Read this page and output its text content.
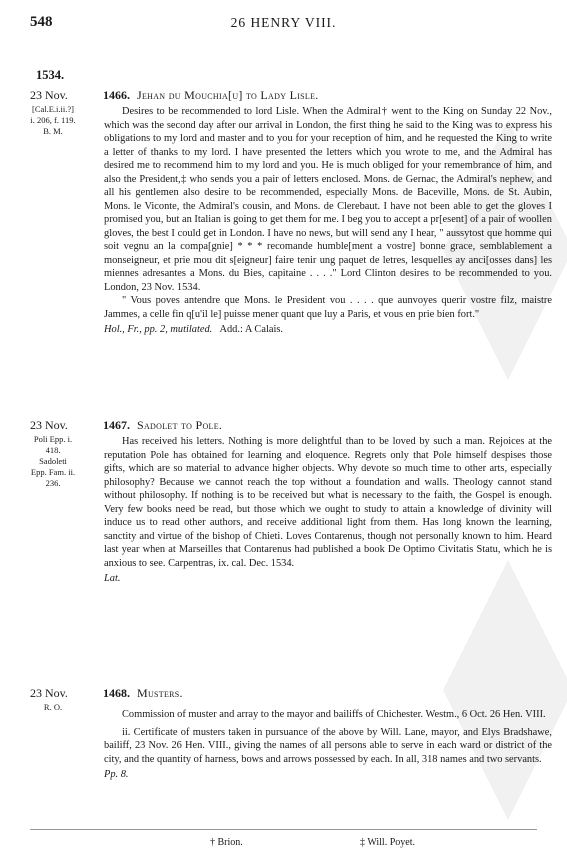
548	26 HENRY VIII.
1534.
23 Nov.
[Cal.E.i.ii.?]
i. 206, f. 119.
B. M.
1466. Jehan du Mouchia[u] to Lady Lisle.

Desires to be recommended to lord Lisle. When the Admiral† went to the King on Sunday 22 Nov., which was the second day after our arrival in London, the first thing he said to the King was to express his obligations to my lord and master and to you for your reception of him, and he requested the King to write a letter of thanks to my lord. I have presented the letters which you wrote to me, and the Admiral has desired me to recommend him to my lord and you. He is much obliged for your remembrance of him, and also the President,‡ who sends you a pair of letters enclosed. Mons. de Gernac, the Admiral's nephew, and all his gentlemen also desire to be recommended, especially Mons. de Baceville, Mons. de St. Aubin, Mons. le Viconte, the Admiral's cousin, and Mons. de Clerebaut. I have not been able to get the gloves I promised you, but an Italian is going to get them for me. I beg you to accept a pr[esent] of a pair of woollen gloves, the best I could get in London. I have no news, but will send any I hear, " aussytost que homme qui soit vegnu an la compa[gnie] * * * recomande humble[ment a vostre] bonne grace, semblablement a monseigneur, et prie mou dit s[eigneur] faire tenir ung paquet de letres, lesquelles ay anci[osses dans] les miennes adresantes a Mons. du Bies, capitaine . . . ." Lord Clinton desires to be recommended to you. London, 23 Nov. 1534.

" Vous poves antendre que Mons. le President vou . . . . que aunvoyes querir vostre filz, maistre Jammes, a celle fin q[u'il le] puisse mener quant que luy a Paris, et vous en prie bien fort."

Hol., Fr., pp. 2, mutilated. Add.: A Calais.
23 Nov.
Poli Epp. i.
418.
Sadoleti
Epp. Fam. ii.
236.
1467. Sadolet to Pole.

Has received his letters. Nothing is more delightful than to be loved by such a man. Rejoices at the reputation Pole has obtained for learning and eloquence. Regrets only that Pole himself despises those gifts, which are so material to advance higher objects. Why devote so much time to other arts, especially philosophy? Because we cannot reach the top without a foundation and walls. Theology cannot stand without philosophy. If nothing is to be received but what is necessary to the faith, the Gospel is enough. Very few books need be read, but those which we ought to study to attain a knowledge of divinity will induce us to read other authors, and receive additional light from them. Has long known the learning, sanctity and virtue of the bishop of Chieti. Loves Contarenus, though not personally known to him. Heard last year when at Marseilles that Contarenus had published a book De Optimo Civitatis Statu, which he is anxious to see. Carpentras, ix. cal. Dec. 1534.

Lat.
23 Nov.
R. O.
1468. Musters.

Commission of muster and array to the mayor and bailiffs of Chichester. Westm., 6 Oct. 26 Hen. VIII.

ii. Certificate of musters taken in pursuance of the above by Will. Lane, mayor, and Elys Bradshawe, bailiff, 23 Nov. 26 Hen. VIII., giving the names of all persons able to serve in each ward or district of the city, and the quantity of harness, bows and arrows possessed by each. In all, 318 names and two servants.

Pp. 8.
† Brion.	‡ Will. Poyet.
